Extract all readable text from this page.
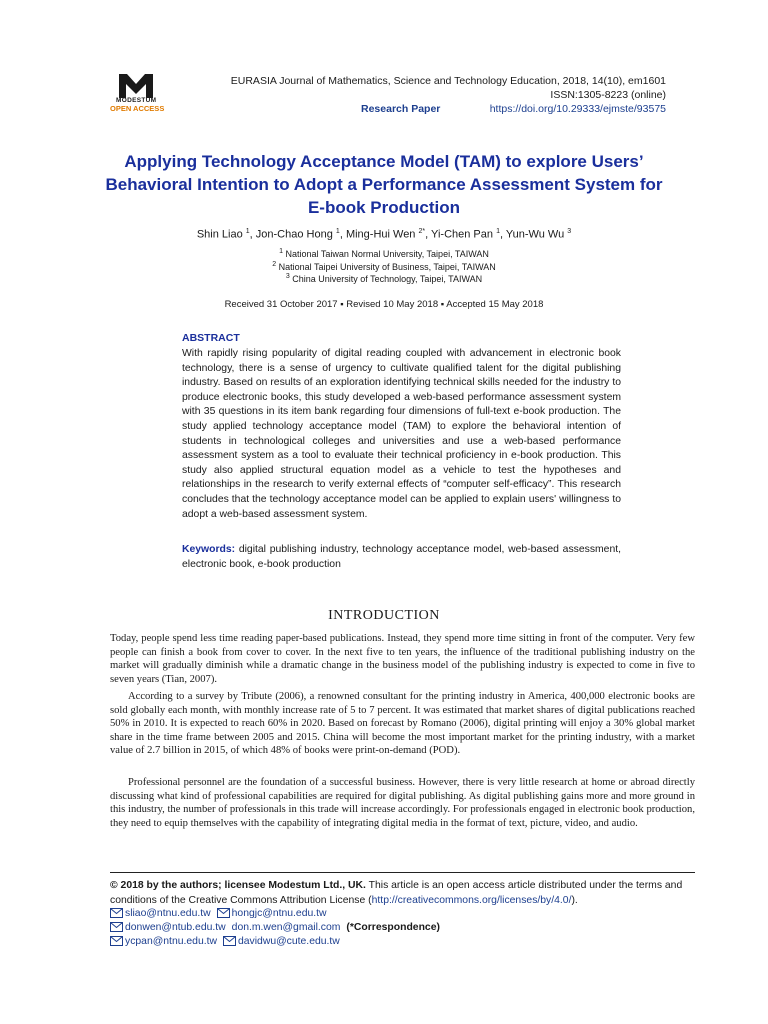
MODESTUM
OPEN ACCESS
EURASIA Journal of Mathematics, Science and Technology Education, 2018, 14(10), em1601
ISSN:1305-8223 (online)
Research Paper	https://doi.org/10.29333/ejmste/93575
Applying Technology Acceptance Model (TAM) to explore Users’ Behavioral Intention to Adopt a Performance Assessment System for E-book Production
Shin Liao $^1$, Jon-Chao Hong $^1$, Ming-Hui Wen $^{2*}$, Yi-Chen Pan $^1$, Yun-Wu Wu $^3$
$^1$ National Taiwan Normal University, Taipei, TAIWAN
$^2$ National Taipei University of Business, Taipei, TAIWAN
$^3$ China University of Technology, Taipei, TAIWAN
Received 31 October 2017 ▪ Revised 10 May 2018 ▪ Accepted 15 May 2018
ABSTRACT
With rapidly rising popularity of digital reading coupled with advancement in electronic book technology, there is a sense of urgency to cultivate qualified talent for the digital publishing industry. Based on results of an exploration identifying technical skills needed for the industry to produce electronic books, this study developed a web-based performance assessment system with 35 questions in its item bank regarding four dimensions of full-text e-book production. The study applied technology acceptance model (TAM) to explore the behavioral intention of students in technological colleges and universities and use a web-based performance assessment system as a tool to evaluate their technical proficiency in e-book production. This study also applied structural equation model as a vehicle to test the hypotheses and relationships in the research to verify external effects of “computer self-efficacy”. This research concludes that the technology acceptance model can be applied to explain users' willingness to adopt a web-based assessment system.
Keywords: digital publishing industry, technology acceptance model, web-based assessment, electronic book, e-book production
INTRODUCTION
Today, people spend less time reading paper-based publications. Instead, they spend more time sitting in front of the computer. Very few people can finish a book from cover to cover. In the next five to ten years, the influence of the traditional publishing industry on the market will gradually diminish while a dramatic change in the business model of the publishing industry is expected to come in five to seven years (Tian, 2007).
According to a survey by Tribute (2006), a renowned consultant for the printing industry in America, 400,000 electronic books are sold globally each month, with monthly increase rate of 5 to 7 percent. It was estimated that market shares of digital publications reached 50% in 2010. It is expected to reach 60% in 2020. Based on forecast by Romano (2006), digital printing will enjoy a 30% global market share in the time frame between 2005 and 2015. China will become the most important market for the printing industry, with a market value of 2.7 billion in 2015, of which 48% of books were print-on-demand (POD).
Professional personnel are the foundation of a successful business. However, there is very little research at home or abroad directly discussing what kind of professional capabilities are required for digital publishing. As digital publishing gains more and more ground in this industry, the number of professionals in this trade will increase accordingly. For professionals engaged in electronic book production, they need to equip themselves with the capability of integrating digital media in the format of text, picture, video, and audio.
© 2018 by the authors; licensee Modestum Ltd., UK. This article is an open access article distributed under the terms and conditions of the Creative Commons Attribution License (http://creativecommons.org/licenses/by/4.0/).
sliao@ntnu.edu.tw hongjc@ntnu.edu.tw
donwen@ntub.edu.tw don.m.wen@gmail.com (*Correspondence)
ycpan@ntnu.edu.tw davidwu@cute.edu.tw
